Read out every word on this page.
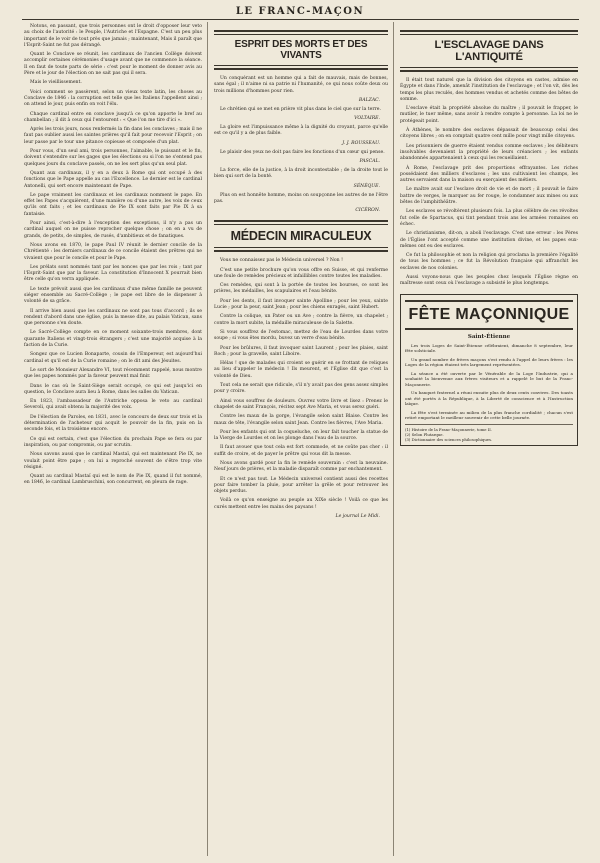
LE FRANC-MAÇON

Notons, en passant, que trois personnes ont le droit d'opposer leur veto au choix de l'autorité : le Peuple, l'Autriche et l'Espagne. C'est un peu plus important de le voir de tout près que jamais ; maintenant, Mais il paraît que l'Esprit-Saint ne fut pas dérangé.

Quant le Conclave se réunit, les cardinaux de l'ancien Collège doivent accomplir certaines cérémonies d'usage avant que ne commence la séance. Il en faut de toute parts de série : c'est pour le moment de donner avis au Père et le jour de l'élection on ne sait pas qui il sera.

Mais le vieillissement.

Voici comment se passèrent, selon un vieux texte latin, les choses au Conclave de 1846 : la corruption est telle que les Italiens l'appellent ainsi ; on attend le jour, puis enfin on voit l'élu.

Chaque cardinal entre en conclave jusqu'à ce qu'on apporte le bref au chambellan ; il dit à ceux qui l'entourent : « Que l'on me tire d'ici ».

Après les trois jours, nous renfermés la fin dans les conclaves ; mais il ne faut pas oublier aussi les saintes prières qu'il fait pour recevoir l'Esprit ; on leur passe par le tour une pitance copieuse et composée d'un plat.

Pour vous, d'un seul ami, trois personnes, l'aimable, le puissant et le fin, doivent s'entendre sur les gages que les élections ou si l'on ne s'entend pas quelques jours du conclave passés, on ne les sert plus qu'un seul plat.

Quant aux cardinaux, il y en a deux à Rome qui ont occupé à des fonctions que le Pape appelle au cas l'Excellence. Le dernier est le cardinal Antonelli, qui sert encore maintenant de Pape.

Le pape vraiment les cardinaux et les cardinaux nomment le pape. En effet les Papes s'acquièrent, d'une manière ou d'une autre, les voix de ceux qu'ils ont faits ; et les cardinaux de Pie IX sont faits par Pie IX à sa fantaisie.

Pour ainsi, c'est-à-dire à l'exception des exceptions, il n'y a pas un cardinal auquel on ne puisse reprocher quelque chose ; on en a vu de grands, de petits, de simples, de rusés, d'ambitieux et de fanatiques.

Nous avons en 1870, le pape Paul IV réunit le dernier concile de la Chrétienté : les derniers cardinaux de ce concile étaient des prêtres qui ne vivaient que pour le concile et pour le Pape.

Les prélats sont nommés tant par les nonces que par les rois ; tant par l'Esprit-Saint que par la faveur. La constitution d'Innocent X pourrait bien être celle qu'on verra appliquée.

Le texte prévoit aussi que les cardinaux d'une même famille ne peuvent siéger ensemble au Sacré-Collège ; le pape est libre de le dispenser à volonté de sa grâce.

Il arrive bien aussi que les cardinaux ne sont pas tous d'accord ; ils se rendent d'abord dans une église, puis la messe dite, au palais Vatican, sans que personne s'en doute.

Le Sacré-Collège compte en ce moment soixante-trois membres, dont quarante Italiens et vingt-trois étrangers ; c'est une majorité acquise à la faction de la Curie.

Songez que ce Lucien Bonaparte, cousin de l'Empereur, est aujourd'hui cardinal et qu'il est de la Curie romaine ; on le dit ami des Jésuites.

Le sort de Monsieur Alexandre VI, tout récemment rappelé, nous montre que les papes nommés par la faveur peuvent mal finir.

Dans le cas où le Saint-Siège serait occupé, ce qui est jusqu'ici en question, le Conclave aura lieu à Rome, dans les salles du Vatican.

En 1823, l'ambassadeur de l'Autriche opposa le veto au cardinal Severoli, qui avait obtenu la majorité des voix.

De l'élection de Paroles, en 1831, avec le concours de deux sur trois et la détermination de l'acheteur qui acquit le pouvoir de la fin, puis en la seconde fois, et la troisième encore.

Ce qui est certain, c'est que l'élection du prochain Pape se fera ou par inspiration, ou par compromis, ou par scrutin.

Nous savons aussi que le cardinal Mastaï, qui est maintenant Pie IX, ne voulait point être pape ; on lui a reproché souvent de s'être trop vite résigné.

Quant au cardinal Mastaï qui est le nom de Pie IX, quand il fut nommé, en 1846, le cardinal Lambruschini, son concurrent, en pleura de rage.

ESPRIT DES MORTS ET DES VIVANTS

Un conquérant est un homme qui a fait de mauvais, mais de bonnes, sans égal ; il n'aime ni sa patrie ni l'humanité, ce qui nous coûte deux ou trois millions d'hommes pour rien.

BALZAC.

Le chrétien qui se met en prière vit plus dans le ciel que sur la terre.

VOLTAIRE.

La gloire est l'impuissance même à la dignité du croyant, parce qu'elle est ce qu'il y a de plus faible.

J. J. ROUSSEAU.

Le plaisir des yeux ne doit pas faire les fonctions d'un cœur qui pense.

PASCAL.

La force, elle de la justice, à la droit incontestable ; de la droite tout le bien qui sort de la bonté.

SÉNÈQUE.

Plus on est honnête homme, moins on soupçonne les autres de ne l'être pas.

CICÉRON.
MÉDECIN MIRACULEUX

Vous ne connaissez pas le Médecin universel ? Non !

C'est une petite brochure qu'on vous offre en Suisse, et qui renferme une foule de remèdes précieux et infaillibles contre toutes les maladies.

Ces remèdes, qui sont à la portée de toutes les bourses, ce sont les prières, les médailles, les scapulaires et l'eau bénite.

Pour les dents, il faut invoquer sainte Apolline ; pour les yeux, sainte Lucie ; pour la peur, saint Jean ; pour les chiens enragés, saint Hubert.

Contre la colique, un Pater ou un Ave ; contre la fièvre, un chapelet ; contre la mort subite, la médaille miraculeuse de la Salette.

Si vous souffrez de l'estomac, mettez de l'eau de Lourdes dans votre soupe ; si vous êtes mordu, buvez un verre d'eau bénite.

Pour les brûlures, il faut invoquer saint Laurent ; pour les plaies, saint Roch ; pour la gravelle, saint Liboire.

Hélas ! que de malades qui croient se guérir en se frottant de reliques au lieu d'appeler le médecin ! Ils meurent, et l'Église dit que c'est la volonté de Dieu.

Tout cela ne serait que ridicule, s'il n'y avait pas des gens assez simples pour y croire.

Ainsi vous souffrez de douleurs. Ouvrez votre livre et lisez : Prenez le chapelet de saint François, récitez sept Ave Maria, et vous serez guéri.

Contre les maux de la gorge, l'évangile selon saint Blaise. Contre les maux de tête, l'évangile selon saint Jean. Contre les fièvres, l'Ave Maria.

Pour les enfants qui ont la coqueluche, on leur fait toucher la statue de la Vierge de Lourdes et on les plonge dans l'eau de la source.

Il faut avouer que tout cela est fort commode, et ne coûte pas cher : il suffit de croire, et de payer le prêtre qui vous dit la messe.

Nous avons gardé pour la fin le remède souverain : c'est la neuvaine. Neuf jours de prières, et la maladie disparaît comme par enchantement.

Et ce n'est pas tout. Le Médecin universel contient aussi des recettes pour faire tomber la pluie, pour arrêter la grêle et pour retrouver les objets perdus.

Voilà ce qu'on enseigne au peuple au XIXe siècle ! Voilà ce que les curés mettent entre les mains des paysans !

Le journal Le Midi.
L'ESCLAVAGE DANS L'ANTIQUITÉ

Il était tout naturel que la division des citoyens en castes, admise en Égypte et dans l'Inde, amenât l'institution de l'esclavage ; et l'on vit, dès les temps les plus reculés, des hommes vendus et achetés comme des bêtes de somme.

L'esclave était la propriété absolue du maître ; il pouvait le frapper, le mutiler, le tuer même, sans avoir à rendre compte à personne. La loi ne le protégeait point.

À Athènes, le nombre des esclaves dépassait de beaucoup celui des citoyens libres ; on en comptait quatre cent mille pour vingt mille citoyens.

Les prisonniers de guerre étaient vendus comme esclaves ; les débiteurs insolvables devenaient la propriété de leurs créanciers ; les enfants abandonnés appartenaient à ceux qui les recueillaient.

À Rome, l'esclavage prit des proportions effrayantes. Les riches possédaient des milliers d'esclaves ; les uns cultivaient les champs, les autres servaient dans la maison ou exerçaient des métiers.

Le maître avait sur l'esclave droit de vie et de mort ; il pouvait le faire battre de verges, le marquer au fer rouge, le condamner aux mines ou aux bêtes de l'amphithéâtre.

Les esclaves se révoltèrent plusieurs fois. La plus célèbre de ces révoltes fut celle de Spartacus, qui tint pendant trois ans les armées romaines en échec.

Le christianisme, dit-on, a aboli l'esclavage. C'est une erreur : les Pères de l'Église l'ont accepté comme une institution divine, et les papes eux-mêmes ont eu des esclaves.

Ce fut la philosophie et non la religion qui proclama la première l'égalité de tous les hommes ; ce fut la Révolution française qui affranchit les esclaves de nos colonies.

Aussi voyons-nous que les peuples chez lesquels l'Église règne en maîtresse sont ceux où l'esclavage a subsisté le plus longtemps.

FÊTE MAÇONNIQUE
Saint-Étienne

Les trois Loges de Saint-Étienne célébraient, dimanche 8 septembre, leur fête solsticiale.

Un grand nombre de frères maçons s'est rendu à l'appel de leurs frères : les Loges de la région étaient très largement représentées.

La séance a été ouverte par le Vénérable de la Loge l'Industrie, qui a souhaité la bienvenue aux frères visiteurs et a rappelé le but de la Franc-Maçonnerie.

Un banquet fraternel a réuni ensuite plus de deux cents convives. Des toasts ont été portés à la République, à la Liberté de conscience et à l'Instruction laïque.

La fête s'est terminée au milieu de la plus franche cordialité ; chacun s'est retiré emportant le meilleur souvenir de cette belle journée.

(1) Histoire de la Franc-Maçonnerie, tome II.

(2) Selon Plutarque.

(3) Dictionnaire des sciences philosophiques.
